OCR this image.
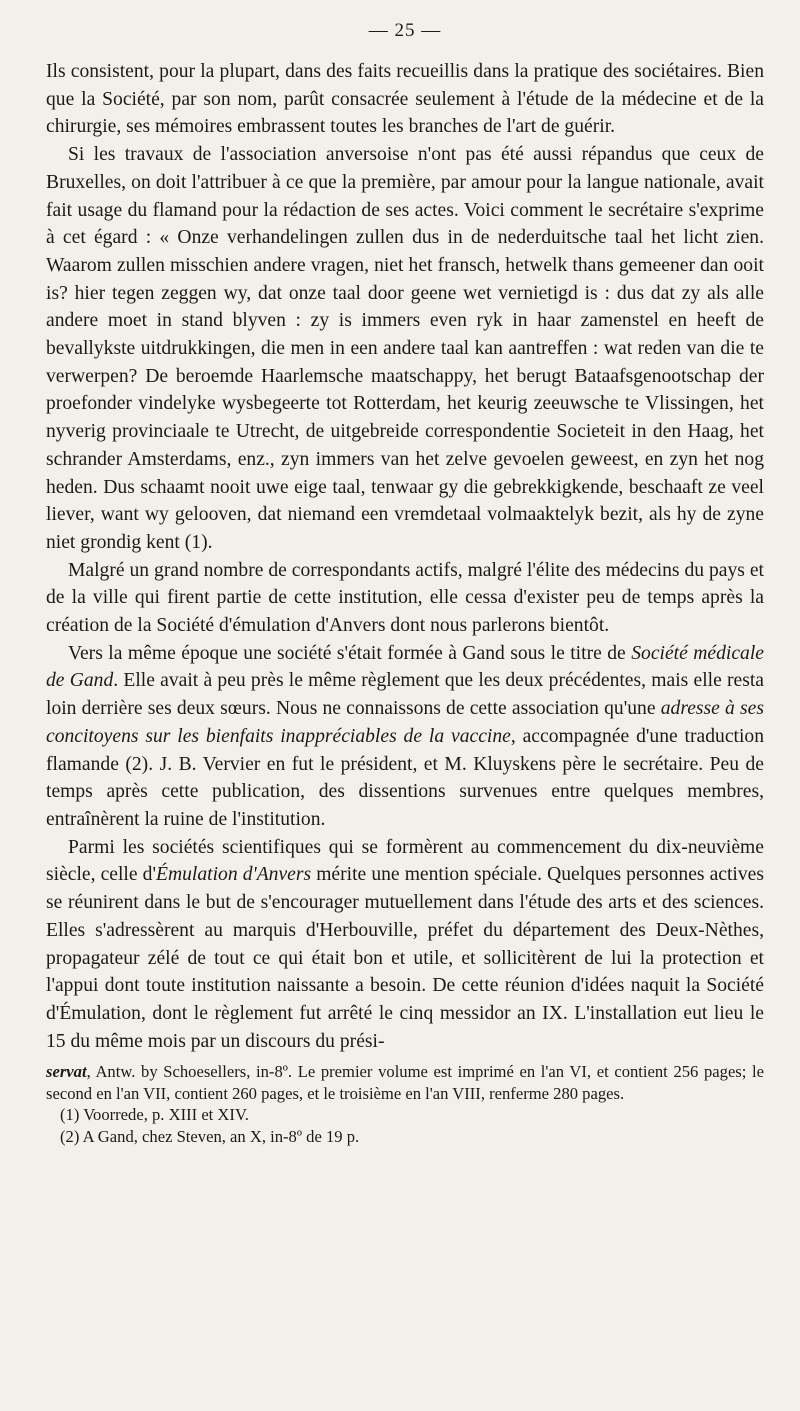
— 25 —

Ils consistent, pour la plupart, dans des faits recueillis dans la pratique des sociétaires. Bien que la Société, par son nom, parût consacrée seulement à l'étude de la médecine et de la chirurgie, ses mémoires embrassent toutes les branches de l'art de guérir.

Si les travaux de l'association anversoise n'ont pas été aussi répandus que ceux de Bruxelles, on doit l'attribuer à ce que la première, par amour pour la langue nationale, avait fait usage du flamand pour la rédaction de ses actes. Voici comment le secrétaire s'exprime à cet égard : « Onze verhandelingen zullen dus in de nederduitsche taal het licht zien. Waarom zullen misschien andere vragen, niet het fransch, hetwelk thans gemeener dan ooit is? hier tegen zeggen wy, dat onze taal door geene wet vernietigd is : dus dat zy als alle andere moet in stand blyven : zy is immers even ryk in haar zamenstel en heeft de bevallykste uitdrukkingen, die men in een andere taal kan aantreffen : wat reden van die te verwerpen? De beroemde Haarlemsche maatschappy, het berugt Bataafsgenootschap der proefonder vindelyke wysbegeerte tot Rotterdam, het keurig zeeuwsche te Vlissingen, het nyverig provinciaale te Utrecht, de uitgebreide correspondentie Societeit in den Haag, het schrander Amsterdams, enz., zyn immers van het zelve gevoelen geweest, en zyn het nog heden. Dus schaamt nooit uwe eige taal, tenwaar gy die gebrekkigkende, beschaaft ze veel liever, want wy gelooven, dat niemand een vremdetaal volmaaktelyk bezit, als hy de zyne niet grondig kent (1).

Malgré un grand nombre de correspondants actifs, malgré l'élite des médecins du pays et de la ville qui firent partie de cette institution, elle cessa d'exister peu de temps après la création de la Société d'émulation d'Anvers dont nous parlerons bientôt.

Vers la même époque une société s'était formée à Gand sous le titre de Société médicale de Gand. Elle avait à peu près le même règlement que les deux précédentes, mais elle resta loin derrière ses deux sœurs. Nous ne connaissons de cette association qu'une adresse à ses concitoyens sur les bienfaits inappréciables de la vaccine, accompagnée d'une traduction flamande (2). J. B. Vervier en fut le président, et M. Kluyskens père le secrétaire. Peu de temps après cette publication, des dissentions survenues entre quelques membres, entraînèrent la ruine de l'institution.

Parmi les sociétés scientifiques qui se formèrent au commencement du dix-neuvième siècle, celle d'Émulation d'Anvers mérite une mention spéciale. Quelques personnes actives se réunirent dans le but de s'encourager mutuellement dans l'étude des arts et des sciences. Elles s'adressèrent au marquis d'Herbouville, préfet du département des Deux-Nèthes, propagateur zélé de tout ce qui était bon et utile, et sollicitèrent de lui la protection et l'appui dont toute institution naissante a besoin. De cette réunion d'idées naquit la Société d'Émulation, dont le règlement fut arrêté le cinq messidor an IX. L'installation eut lieu le 15 du même mois par un discours du prési-

servat, Antw. by Schoesellers, in-8º. Le premier volume est imprimé en l'an VI, et contient 256 pages; le second en l'an VII, contient 260 pages, et le troisième en l'an VIII, renferme 280 pages.

(1) Voorrede, p. XIII et XIV.

(2) A Gand, chez Steven, an X, in-8º de 19 p.
